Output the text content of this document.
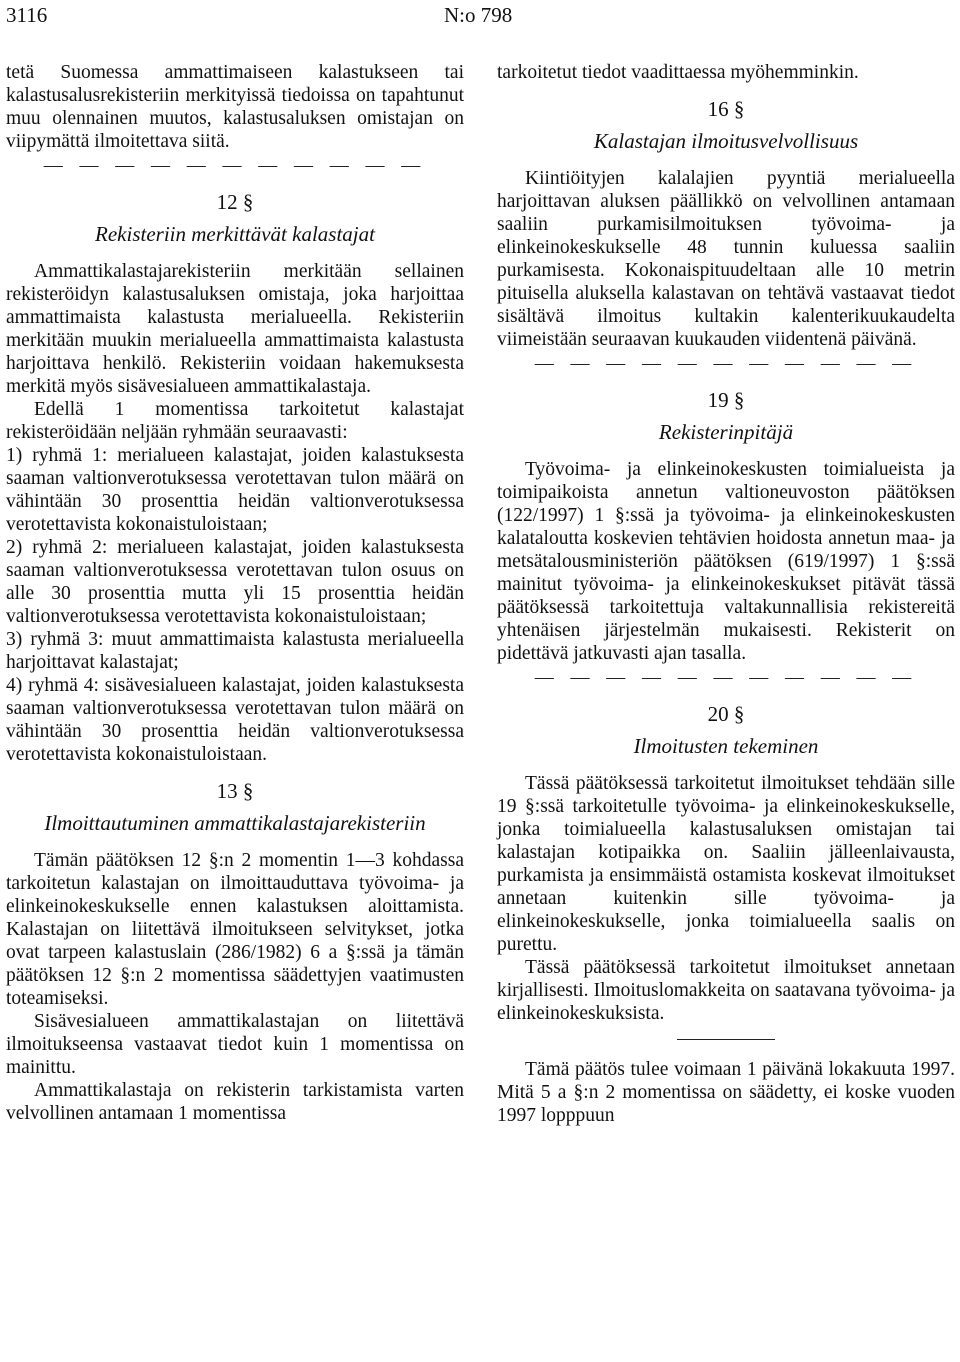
3116	N:o 798

tetä Suomessa ammattimaiseen kalastukseen tai kalastusalusrekisteriin merkityissä tiedoissa on tapahtunut muu olennainen muutos, kalastusaluksen omistajan on viipymättä ilmoitettava siitä.

— — — — — — — — — — —
12 §
Rekisteriin merkittävät kalastajat

Ammattikalastajarekisteriin merkitään sellainen rekisteröidyn kalastusaluksen omistaja, joka harjoittaa ammattimaista kalastusta merialueella. Rekisteriin merkitään muukin merialueella ammattimaista kalastusta harjoittava henkilö. Rekisteriin voidaan hakemuksesta merkitä myös sisävesialueen ammattikalastaja.

Edellä 1 momentissa tarkoitetut kalastajat rekisteröidään neljään ryhmään seuraavasti:

1) ryhmä 1: merialueen kalastajat, joiden kalastuksesta saaman valtionverotuksessa verotettavan tulon määrä on vähintään 30 prosenttia heidän valtionverotuksessa verotettavista kokonaistuloistaan;

2) ryhmä 2: merialueen kalastajat, joiden kalastuksesta saaman valtionverotuksessa verotettavan tulon osuus on alle 30 prosenttia mutta yli 15 prosenttia heidän valtionverotuksessa verotettavista kokonaistuloistaan;

3) ryhmä 3: muut ammattimaista kalastusta merialueella harjoittavat kalastajat;

4) ryhmä 4: sisävesialueen kalastajat, joiden kalastuksesta saaman valtionverotuksessa verotettavan tulon määrä on vähintään 30 prosenttia heidän valtionverotuksessa verotettavista kokonaistuloistaan.

13 §
Ilmoittautuminen ammattikalastajarekisteriin

Tämän päätöksen 12 §:n 2 momentin 1—3 kohdassa tarkoitetun kalastajan on ilmoittauduttava työvoima- ja elinkeinokeskukselle ennen kalastuksen aloittamista. Kalastajan on liitettävä ilmoitukseen selvitykset, jotka ovat tarpeen kalastuslain (286/1982) 6 a §:ssä ja tämän päätöksen 12 §:n 2 momentissa säädettyjen vaatimusten toteamiseksi.

Sisävesialueen ammattikalastajan on liitettävä ilmoitukseensa vastaavat tiedot kuin 1 momentissa on mainittu.

Ammattikalastaja on rekisterin tarkistamista varten velvollinen antamaan 1 momentissa

tarkoitetut tiedot vaadittaessa myöhemminkin.

16 §
Kalastajan ilmoitusvelvollisuus

Kiintiöityjen kalalajien pyyntiä merialueella harjoittavan aluksen päällikkö on velvollinen antamaan saaliin purkamisilmoituksen työvoima- ja elinkeinokeskukselle 48 tunnin kuluessa saaliin purkamisesta. Kokonaispituudeltaan alle 10 metrin pituisella aluksella kalastavan on tehtävä vastaavat tiedot sisältävä ilmoitus kultakin kalenterikuukaudelta viimeistään seuraavan kuukauden viidentenä päivänä.

— — — — — — — — — — —
19 §
Rekisterinpitäjä

Työvoima- ja elinkeinokeskusten toimialueista ja toimipaikoista annetun valtioneuvoston päätöksen (122/1997) 1 §:ssä ja työvoima- ja elinkeinokeskusten kalataloutta koskevien tehtävien hoidosta annetun maa- ja metsätalousministeriön päätöksen (619/1997) 1 §:ssä mainitut työvoima- ja elinkeinokeskukset pitävät tässä päätöksessä tarkoitettuja valtakunnallisia rekistereitä yhtenäisen järjestelmän mukaisesti. Rekisterit on pidettävä jatkuvasti ajan tasalla.

— — — — — — — — — — —
20 §
Ilmoitusten tekeminen

Tässä päätöksessä tarkoitetut ilmoitukset tehdään sille 19 §:ssä tarkoitetulle työvoima- ja elinkeinokeskukselle, jonka toimialueella kalastusaluksen omistajan tai kalastajan kotipaikka on. Saaliin jälleenlaivausta, purkamista ja ensimmäistä ostamista koskevat ilmoitukset annetaan kuitenkin sille työvoima- ja elinkeinokeskukselle, jonka toimialueella saalis on purettu.

Tässä päätöksessä tarkoitetut ilmoitukset annetaan kirjallisesti. Ilmoituslomakkeita on saatavana työvoima- ja elinkeinokeskuksista.

Tämä päätös tulee voimaan 1 päivänä lokakuuta 1997. Mitä 5 a §:n 2 momentissa on säädetty, ei koske vuoden 1997 lopppuun
